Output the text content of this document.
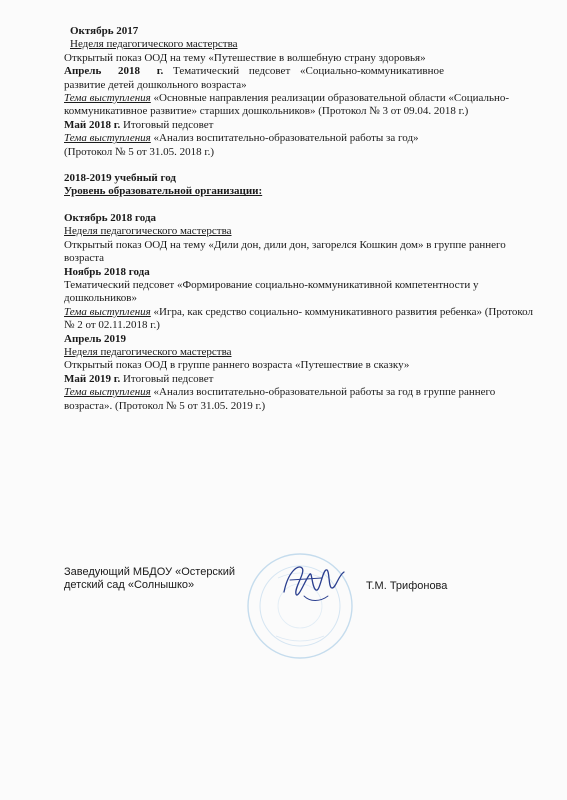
Октябрь 2017
Неделя педагогического мастерства
Открытый показ ООД на тему «Путешествие в волшебную страну здоровья»
Апрель 2018 г. Тематический педсовет «Социально-коммуникативное
развитие детей дошкольного возраста»
Тема выступления «Основные направления реализации образовательной области «Социально-коммуникативное развитие» старших дошкольников» (Протокол № 3 от 09.04. 2018 г.)
Май 2018 г. Итоговый педсовет
Тема выступления «Анализ воспитательно-образовательной работы за год»
(Протокол № 5 от 31.05. 2018 г.)
2018-2019 учебный год
Уровень образовательной организации:
Октябрь 2018 года
Неделя педагогического мастерства
Открытый показ ООД на тему «Дили дон, дили дон, загорелся Кошкин дом» в группе раннего возраста
Ноябрь 2018 года
Тематический педсовет «Формирование социально-коммуникативной компетентности у дошкольников»
Тема выступления «Игра, как средство социально- коммуникативного развития ребенка» (Протокол № 2 от 02.11.2018 г.)
Апрель 2019
Неделя педагогического мастерства
Открытый показ ООД в группе раннего возраста «Путешествие в сказку»
Май 2019 г. Итоговый педсовет
Тема выступления «Анализ воспитательно-образовательной работы за год в группе раннего возраста». (Протокол № 5 от 31.05. 2019 г.)
Заведующий МБДОУ «Остерский
детский сад «Солнышко»	Т.М. Трифонова
